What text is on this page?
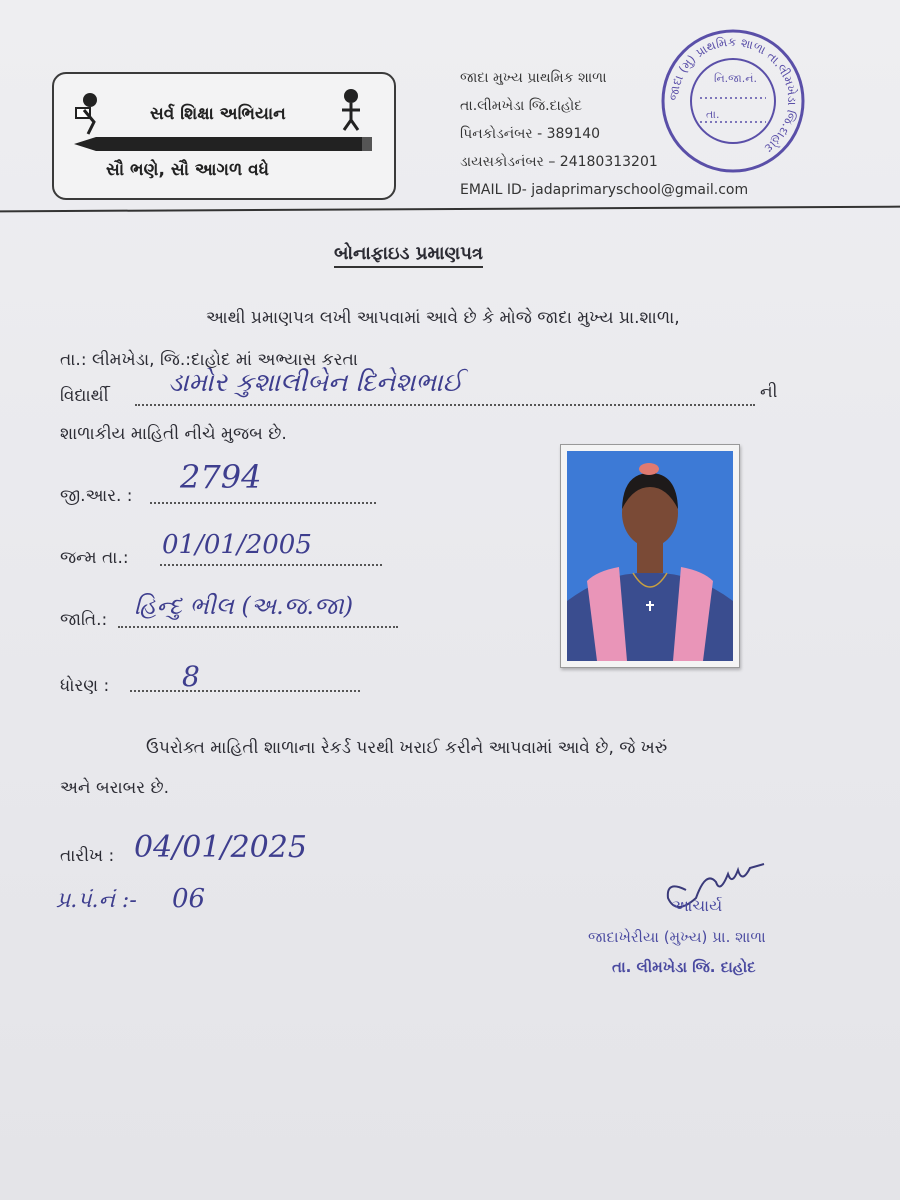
સર્વ શિક્ષા અભિયાન
સૌ ભણે, સૌ આગળ વધે
જાદા મુખ્ય પ્રાથમિક શાળા
તા.લીમખેડા જિ.દાહોદ
પિનકોડનંબર - 389140
ડાયસકોડનંબર – 24180313201
EMAIL ID- jadaprimaryschool@gmail.com
નિ.જા.નં.
તા.
જાદા (મુ) પ્રાથમિક શાળા તા.લીમખેડા જિ.દાહોદ
બોનાફાઇડ પ્રમાણપત્ર
આથી પ્રમાણપત્ર લખી આપવામાં આવે છે કે મોજે જાદા મુખ્ય પ્રા.શાળા,
તા.: લીમખેડા, જિ.:દાહોદ માં અભ્યાસ કરતા
વિદ્યાર્થી ડામોર કુશાલીબેન દિનેશભાઈ	ની
શાળાકીય માહિતી નીચે મુજબ છે.
જી.આર. : 2794
જન્મ તા.: 01/01/2005
જાતિ.: હિન્દુ ભીલ (અ.જ.જા)
ધોરણ :	8
ઉપરોક્ત માહિતી શાળાના રેકર્ડ પરથી ખરાઈ કરીને આપવામાં આવે છે, જે ખરું
અને બરાબર છે.
તારીખ : 04/01/2025
પ્ર.પં.નં :- 06	આચાર્ય
જાદાખેરીયા (મુખ્ય) પ્રા. શાળા
તા. લીમખેડા જિ. દાહોદ
